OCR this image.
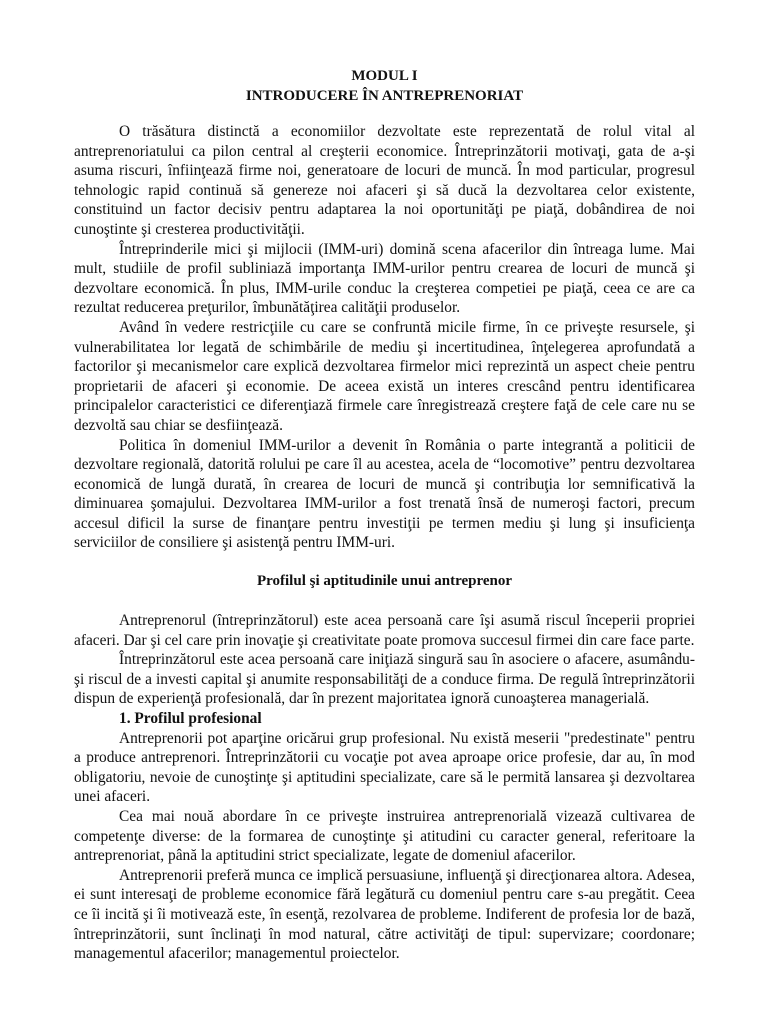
MODUL I
INTRODUCERE ÎN ANTREPRENORIAT

O trăsătura distinctă a economiilor dezvoltate este reprezentată de rolul vital al antreprenoriatului ca pilon central al creşterii economice. Întreprinzătorii motivaţi, gata de a-şi asuma riscuri, înfiinţează firme noi, generatoare de locuri de muncă. În mod particular, progresul tehnologic rapid continuă să genereze noi afaceri şi să ducă la dezvoltarea celor existente, constituind un factor decisiv pentru adaptarea la noi oportunităţi pe piaţă, dobândirea de noi cunoştinte şi cresterea productivităţii.

Întreprinderile mici şi mijlocii (IMM-uri) domină scena afacerilor din întreaga lume. Mai mult, studiile de profil subliniază importanţa IMM-urilor pentru crearea de locuri de muncă şi dezvoltare economică. În plus, IMM-urile conduc la creşterea competiei pe piaţă, ceea ce are ca rezultat reducerea preţurilor, îmbunătăţirea calităţii produselor.

Având în vedere restricţiile cu care se confruntă micile firme, în ce priveşte resursele, şi vulnerabilitatea lor legată de schimbările de mediu şi incertitudinea, înţelegerea aprofundată a factorilor şi mecanismelor care explică dezvoltarea firmelor mici reprezintă un aspect cheie pentru proprietarii de afaceri şi economie. De aceea există un interes crescând pentru identificarea principalelor caracteristici ce diferenţiază firmele care înregistrează creştere faţă de cele care nu se dezvoltă sau chiar se desfiinţează.

Politica în domeniul IMM-urilor a devenit în România o parte integrantă a politicii de dezvoltare regională, datorită rolului pe care îl au acestea, acela de “locomotive” pentru dezvoltarea economică de lungă durată, în crearea de locuri de muncă şi contribuţia lor semnificativă la diminuarea şomajului. Dezvoltarea IMM-urilor a fost trenată însă de numeroşi factori, precum accesul dificil la surse de finanţare pentru investiţii pe termen mediu şi lung şi insuficienţa serviciilor de consiliere şi asistenţă pentru IMM-uri.

Profilul şi aptitudinile unui antreprenor

Antreprenorul (întreprinzătorul) este acea persoană care îşi asumă riscul începerii propriei afaceri. Dar şi cel care prin inovaţie şi creativitate poate promova succesul firmei din care face parte.

Întreprinzătorul este acea persoană care iniţiază singură sau în asociere o afacere, asumându-şi riscul de a investi capital şi anumite responsabilităţi de a conduce firma. De regulă întreprinzătorii dispun de experienţă profesională, dar în prezent majoritatea ignoră cunoaşterea managerială.

1. Profilul profesional

Antreprenorii pot aparţine oricărui grup profesional. Nu există meserii "predestinate" pentru a produce antreprenori. Întreprinzătorii cu vocaţie pot avea aproape orice profesie, dar au, în mod obligatoriu, nevoie de cunoştinţe şi aptitudini specializate, care să le permită lansarea şi dezvoltarea unei afaceri.

Cea mai nouă abordare în ce priveşte instruirea antreprenorială vizează cultivarea de competenţe diverse: de la formarea de cunoştinţe şi atitudini cu caracter general, referitoare la antreprenoriat, până la aptitudini strict specializate, legate de domeniul afacerilor.

Antreprenorii preferă munca ce implică persuasiune, influenţă şi direcţionarea altora. Adesea, ei sunt interesaţi de probleme economice fără legătură cu domeniul pentru care s-au pregătit. Ceea ce îi incită şi îi motivează este, în esenţă, rezolvarea de probleme. Indiferent de profesia lor de bază, întreprinzătorii, sunt înclinaţi în mod natural, către activităţi de tipul: supervizare; coordonare; managementul afacerilor; managementul proiectelor.
